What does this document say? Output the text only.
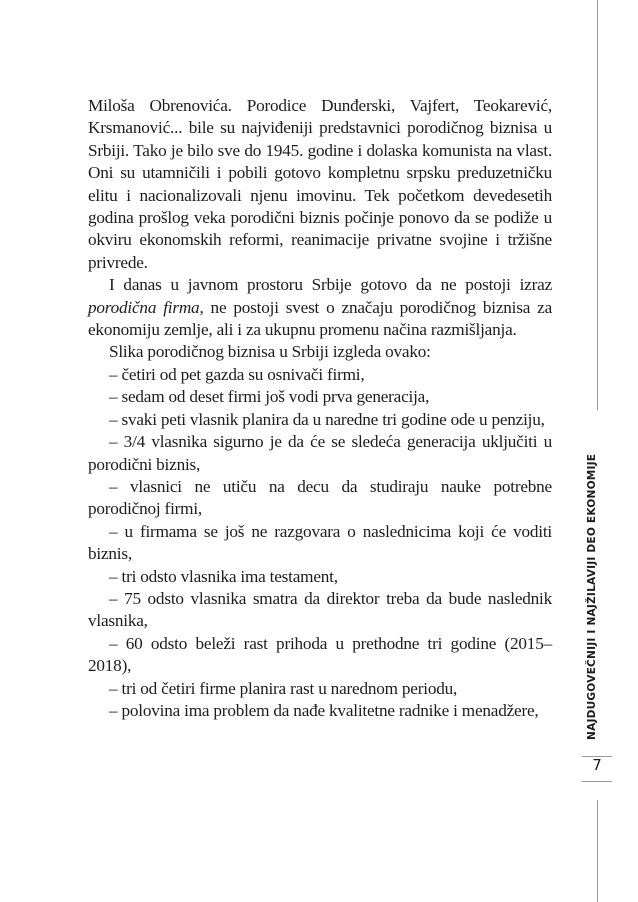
NAJDUGOVEČNIJI I NAJŽILAVIJI DEO EKONOMIJE
7

Miloša Obrenovića. Porodice Dunđerski, Vajfert, Teokarević, Krsmanović... bile su najviđeniji predstavnici porodičnog biznisa u Srbiji. Tako je bilo sve do 1945. godine i dolaska komunista na vlast. Oni su utamničili i pobili gotovo kompletnu srpsku preduzetničku elitu i nacionalizovali njenu imovinu. Tek početkom devedesetih godina prošlog veka porodični biznis počinje ponovo da se podiže u okviru ekonomskih reformi, reanimacije privatne svojine i tržišne privrede.

I danas u javnom prostoru Srbije gotovo da ne postoji izraz porodična firma, ne postoji svest o značaju porodičnog biznisa za ekonomiju zemlje, ali i za ukupnu promenu načina razmišljanja.

Slika porodičnog biznisa u Srbiji izgleda ovako:

– četiri od pet gazda su osnivači firmi,

– sedam od deset firmi još vodi prva generacija,

– svaki peti vlasnik planira da u naredne tri godine ode u penziju,

– 3/4 vlasnika sigurno je da će se sledeća generacija uključiti u porodični biznis,

– vlasnici ne utiču na decu da studiraju nauke potrebne porodičnoj firmi,

– u firmama se još ne razgovara o naslednicima koji će voditi biznis,

– tri odsto vlasnika ima testament,

– 75 odsto vlasnika smatra da direktor treba da bude naslednik vlasnika,

– 60 odsto beleži rast prihoda u prethodne tri godine (2015–2018),

– tri od četiri firme planira rast u narednom periodu,

– polovina ima problem da nađe kvalitetne radnike i menadžere,
